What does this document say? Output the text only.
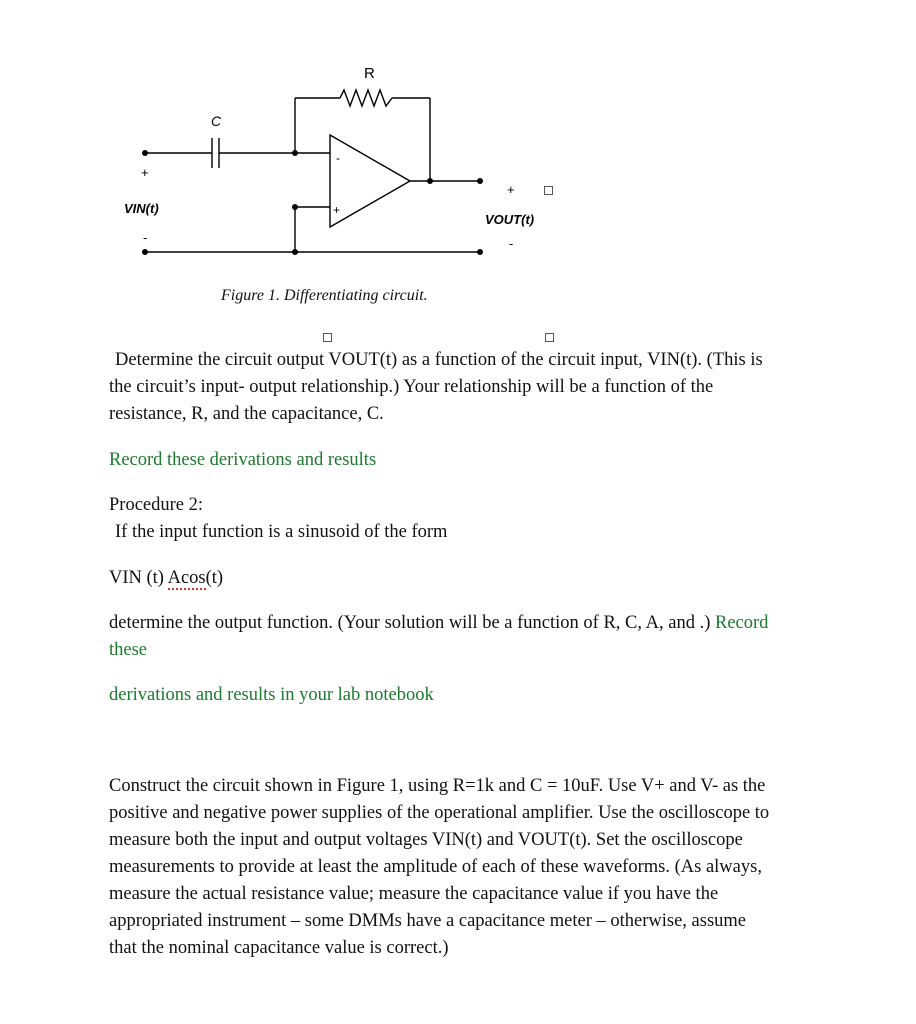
R
C
+
VIN(t)
-
-
+
+
VOUT(t)
-
Figure 1. Differentiating circuit.

Determine the circuit output VOUT(t) as a function of the circuit input, VIN(t). (This is

the circuit’s input- output relationship.) Your relationship will be a function of the

resistance, R, and the capacitance, C.

Record these derivations and results

Procedure 2:

If the input function is a sinusoid of the form

VIN (t) Acos(t)

determine the output function. (Your solution will be a function of R, C, A, and .) Record

these

derivations and results in your lab notebook

Construct the circuit shown in Figure 1, using R=1k and C = 10uF. Use V+ and V- as the

positive and negative power supplies of the operational amplifier. Use the oscilloscope to

measure both the input and output voltages VIN(t) and VOUT(t). Set the oscilloscope

measurements to provide at least the amplitude of each of these waveforms. (As always,

measure the actual resistance value; measure the capacitance value if you have the

appropriated instrument – some DMMs have a capacitance meter – otherwise, assume

that the nominal capacitance value is correct.)
